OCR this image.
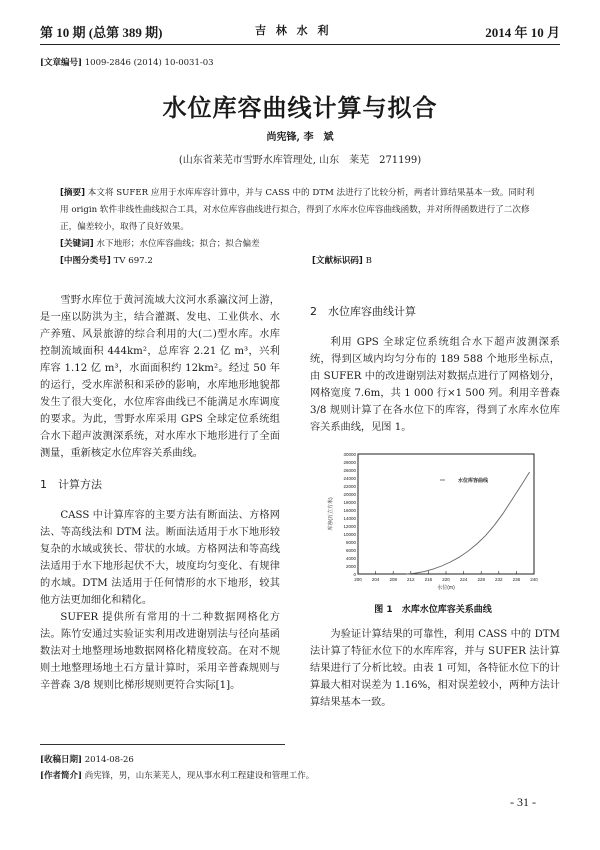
第 10 期 (总第 389 期)	吉 林 水 利	2014 年 10 月
[文章编号] 1009-2846 (2014) 10-0031-03
水位库容曲线计算与拟合
尚宪锋, 李　斌
(山东省莱芜市雪野水库管理处, 山东　莱芜　271199)
[摘要] 本文将 SUFER 应用于水库库容计算中，并与 CASS 中的 DTM 法进行了比较分析，两者计算结果基本一致。同时利用 origin 软件非线性曲线拟合工具，对水位库容曲线进行拟合，得到了水库水位库容曲线函数，并对所得函数进行了二次修正，偏差较小，取得了良好效果。
[关键词] 水下地形；水位库容曲线；拟合；拟合偏差
[中图分类号] TV 697.2	[文献标识码] B

雪野水库位于黄河流域大汶河水系瀛汶河上游，是一座以防洪为主，结合灌溉、发电、工业供水、水产养殖、风景旅游的综合利用的大(二)型水库。水库控制流域面积 444km²，总库容 2.21 亿 m³，兴利库容 1.12 亿 m³，水面面积约 12km²。经过 50 年的运行，受水库淤积和采砂的影响，水库地形地貌都发生了很大变化，水位库容曲线已不能满足水库调度的要求。为此，雪野水库采用 GPS 全球定位系统组合水下超声波测深系统，对水库水下地形进行了全面测量，重新核定水位库容关系曲线。

1　计算方法

CASS 中计算库容的主要方法有断面法、方格网法、等高线法和 DTM 法。断面法适用于水下地形较复杂的水域或狭长、带状的水域。方格网法和等高线法适用于水下地形起伏不大，坡度均匀变化、有规律的水域。DTM 法适用于任何情形的水下地形，较其他方法更加细化和精化。

SUFER 提供所有常用的十二种数据网格化方法。陈竹安通过实验证实利用改进谢别法与径向基函数法对土地整理场地数据网格化精度较高。在对不规则土地整理场地土石方量计算时，采用辛普森规则与辛普森 3/8 规则比梯形规则更符合实际[1]。

2　水位库容曲线计算

利用 GPS 全球定位系统组合水下超声波测深系统，得到区域内均匀分布的 189 588 个地形坐标点，由 SUFER 中的改进谢别法对数据点进行了网格划分，网格宽度 7.6m，共 1 000 行×1 500 列。利用辛普森 3/8 规则计算了在各水位下的库容，得到了水库水位库容关系曲线，见图 1。

0
2000
4000
6000
8000
10000
12000
14000
16000
18000
20000
22000
24000
26000
28000
30000
200 204 208 212 216 220 224 228 232 236 240
水位(m)
库容(万立方米)
水位库容曲线
图 1　水库水位库容关系曲线

为验证计算结果的可靠性，利用 CASS 中的 DTM 法计算了特征水位下的水库库容，并与 SUFER 法计算结果进行了分析比较。由表 1 可知，各特征水位下的计算最大相对误差为 1.16%，相对误差较小，两种方法计算结果基本一致。

[收稿日期] 2014-08-26
[作者简介] 尚宪锋，男，山东莱芜人，现从事水利工程建设和管理工作。
- 31 -
